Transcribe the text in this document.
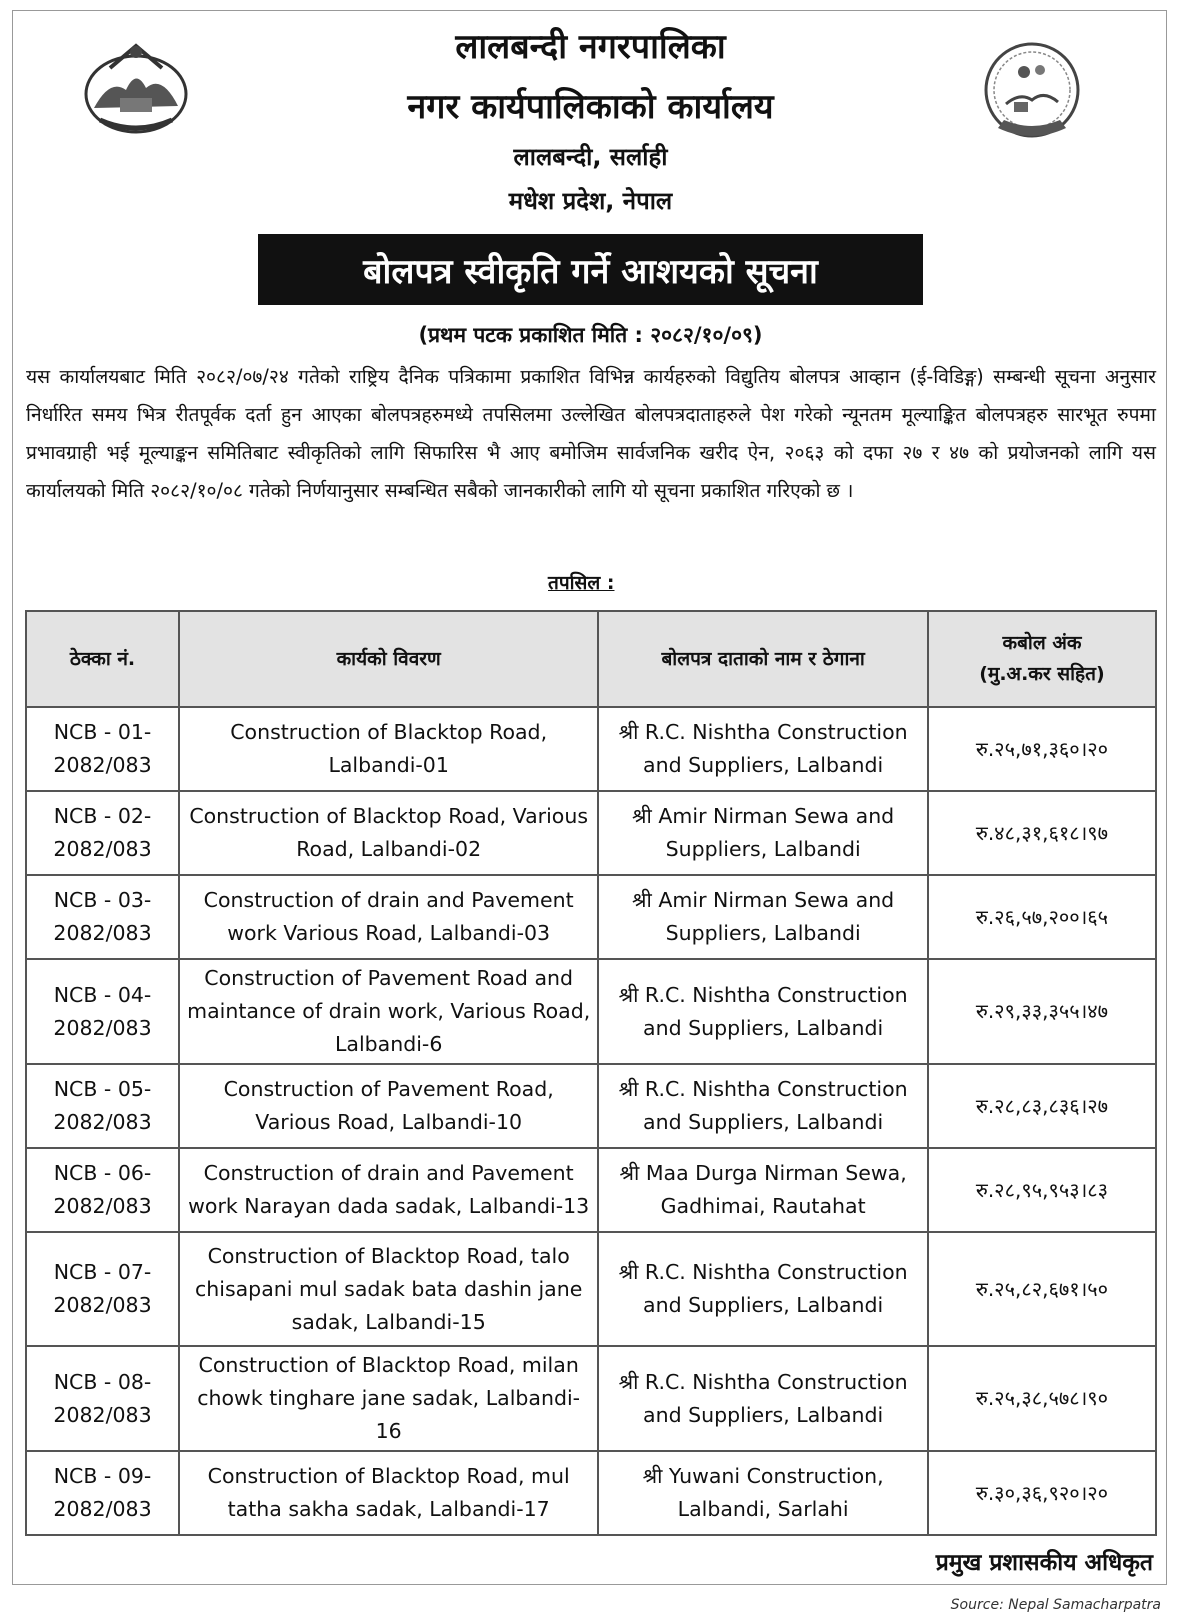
लालबन्दी नगरपालिका
नगर कार्यपालिकाको कार्यालय
लालबन्दी, सर्लाही
मधेश प्रदेश, नेपाल
बोलपत्र स्वीकृति गर्ने आशयको सूचना
(प्रथम पटक प्रकाशित मिति : २०८२/१०/०९)

यस कार्यालयबाट मिति २०८२/०७/२४ गतेको राष्ट्रिय दैनिक पत्रिकामा प्रकाशित विभिन्न कार्यहरुको विद्युतिय बोलपत्र आव्हान (ई-विडिङ्ग) सम्बन्धी सूचना अनुसार निर्धारित समय भित्र रीतपूर्वक दर्ता हुन आएका बोलपत्रहरुमध्ये तपसिलमा उल्लेखित बोलपत्रदाताहरुले पेश गरेको न्यूनतम मूल्याङ्कित बोलपत्रहरु सारभूत रुपमा प्रभावग्राही भई मूल्याङ्कन समितिबाट स्वीकृतिको लागि सिफारिस भै आए बमोजिम सार्वजनिक खरीद ऐन, २०६३ को दफा २७ र ४७ को प्रयोजनको लागि यस कार्यालयको मिति २०८२/१०/०८ गतेको निर्णयानुसार सम्बन्धित सबैको जानकारीको लागि यो सूचना प्रकाशित गरिएको छ ।

तपसिल :
ठेक्का नं.	कार्यको विवरण	बोलपत्र दाताको नाम र ठेगाना	कबोल अंक
(मु.अ.कर सहित)

NCB - 01-2082/083	Construction of Blacktop Road, Lalbandi-01	श्री R.C. Nishtha Construction and Suppliers, Lalbandi	रु.२५,७१,३६०।२०
NCB - 02-2082/083	Construction of Blacktop Road, Various Road, Lalbandi-02	श्री Amir Nirman Sewa and Suppliers, Lalbandi	रु.४८,३१,६१८।९७
NCB - 03-2082/083	Construction of drain and Pavement work Various Road, Lalbandi-03	श्री Amir Nirman Sewa and Suppliers, Lalbandi	रु.२६,५७,२००।६५
NCB - 04-2082/083	Construction of Pavement Road and maintance of drain work, Various Road, Lalbandi-6	श्री R.C. Nishtha Construction and Suppliers, Lalbandi	रु.२९,३३,३५५।४७
NCB - 05-2082/083	Construction of Pavement Road, Various Road, Lalbandi-10	श्री R.C. Nishtha Construction and Suppliers, Lalbandi	रु.२८,८३,८३६।२७
NCB - 06-2082/083	Construction of drain and Pavement work Narayan dada sadak, Lalbandi-13	श्री Maa Durga Nirman Sewa, Gadhimai, Rautahat	रु.२८,९५,९५३।८३
NCB - 07-2082/083	Construction of Blacktop Road, talo chisapani mul sadak bata dashin jane sadak, Lalbandi-15	श्री R.C. Nishtha Construction and Suppliers, Lalbandi	रु.२५,८२,६७१।५०
NCB - 08-2082/083	Construction of Blacktop Road, milan chowk tinghare jane sadak, Lalbandi-16	श्री R.C. Nishtha Construction and Suppliers, Lalbandi	रु.२५,३८,५७८।९०
NCB - 09-2082/083	Construction of Blacktop Road, mul tatha sakha sadak, Lalbandi-17	श्री Yuwani Construction, Lalbandi, Sarlahi	रु.३०,३६,९२०।२०
प्रमुख प्रशासकीय अधिकृत
Source: Nepal Samacharpatra
